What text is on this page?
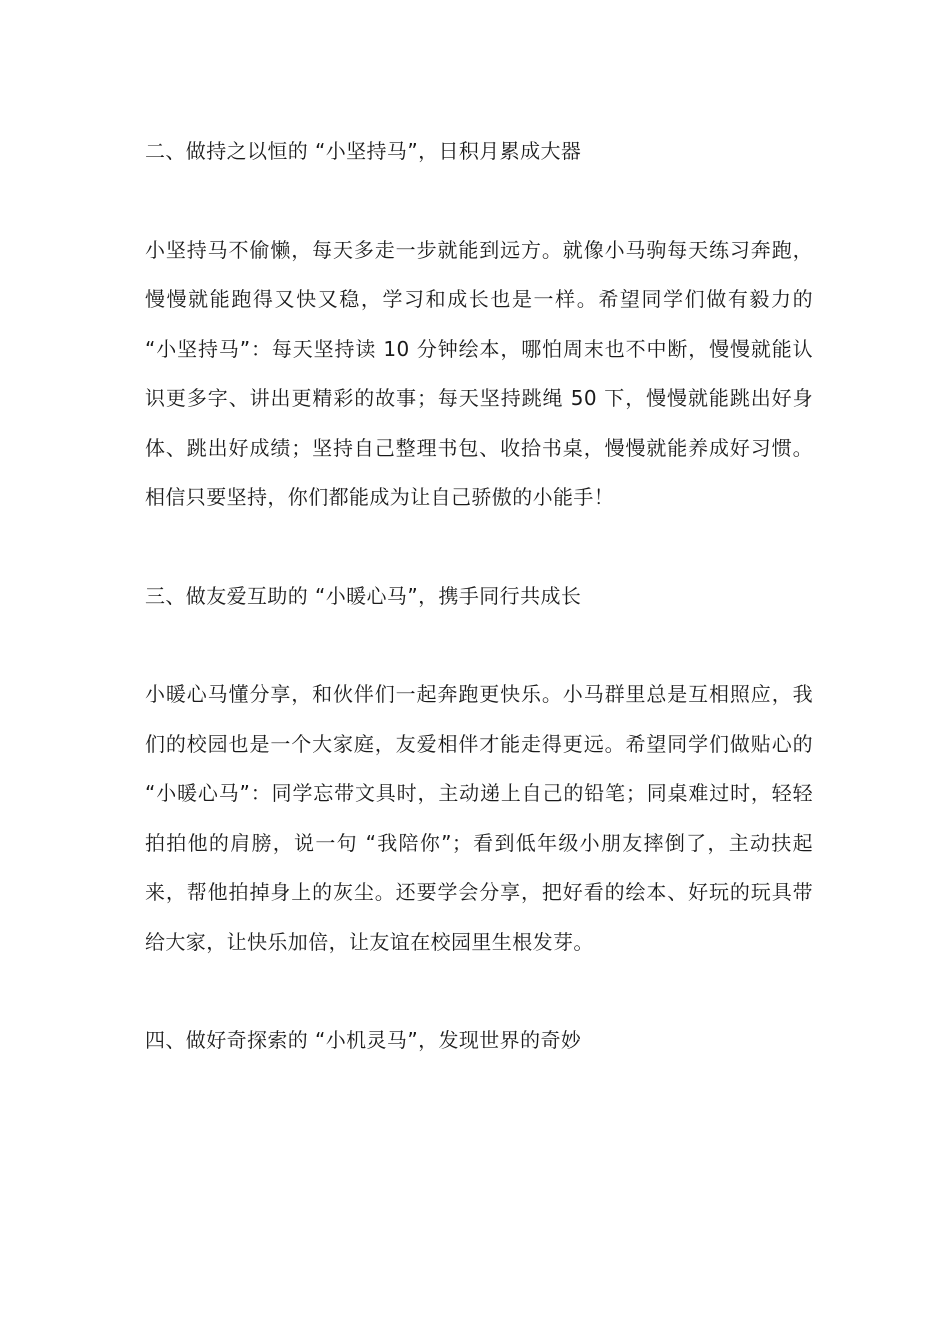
二、做持之以恒的 “小坚持马”，日积月累成大器

小坚持马不偷懒，每天多走一步就能到远方。就像小马驹每天练习奔跑，慢慢就能跑得又快又稳，学习和成长也是一样。希望同学们做有毅力的 “小坚持马”：每天坚持读 10 分钟绘本，哪怕周末也不中断，慢慢就能认识更多字、讲出更精彩的故事；每天坚持跳绳 50 下，慢慢就能跳出好身体、跳出好成绩；坚持自己整理书包、收拾书桌，慢慢就能养成好习惯。相信只要坚持，你们都能成为让自己骄傲的小能手！

三、做友爱互助的 “小暖心马”，携手同行共成长

小暖心马懂分享，和伙伴们一起奔跑更快乐。小马群里总是互相照应，我们的校园也是一个大家庭，友爱相伴才能走得更远。希望同学们做贴心的 “小暖心马”：同学忘带文具时，主动递上自己的铅笔；同桌难过时，轻轻拍拍他的肩膀，说一句 “我陪你”；看到低年级小朋友摔倒了，主动扶起来，帮他拍掉身上的灰尘。还要学会分享，把好看的绘本、好玩的玩具带给大家，让快乐加倍，让友谊在校园里生根发芽。

四、做好奇探索的 “小机灵马”，发现世界的奇妙
